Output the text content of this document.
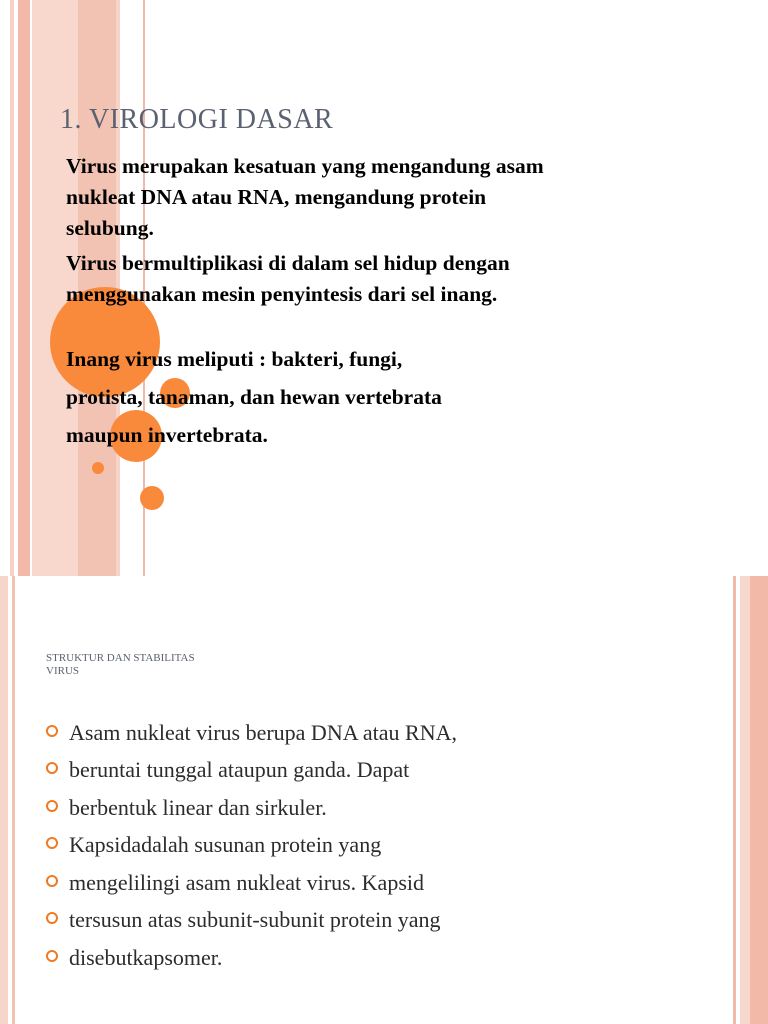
1. VIROLOGI DASAR

Virus merupakan kesatuan yang mengandung asam

nukleat DNA atau RNA, mengandung protein

selubung.

Virus bermultiplikasi di dalam sel hidup dengan

menggunakan mesin penyintesis dari sel inang.

Inang virus meliputi : bakteri, fungi,

protista, tanaman, dan hewan vertebrata

maupun invertebrata.

STRUKTUR DAN STABILITAS
VIRUS
Asam nukleat virus berupa DNA atau RNA,
beruntai tunggal ataupun ganda. Dapat
berbentuk linear dan sirkuler.
Kapsidadalah susunan protein yang
mengelilingi asam nukleat virus. Kapsid
tersusun atas subunit-subunit protein yang
disebutkapsomer.
